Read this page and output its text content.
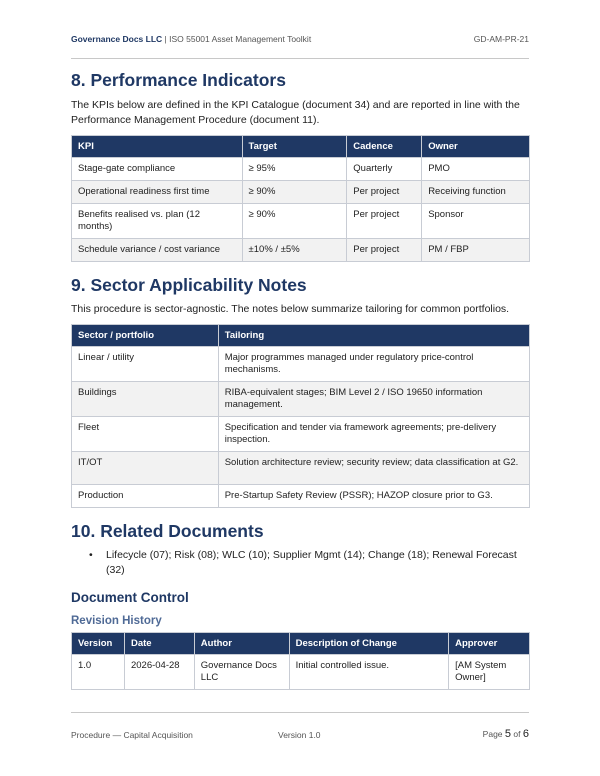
Governance Docs LLC | ISO 55001 Asset Management Toolkit	GD-AM-PR-21
8. Performance Indicators

The KPIs below are defined in the KPI Catalogue (document 34) and are reported in line with the Performance Management Procedure (document 11).

KPI	Target	Cadence	Owner
Stage-gate compliance	≥ 95%	Quarterly	PMO
Operational readiness first time	≥ 90%	Per project	Receiving function
Benefits realised vs. plan (12 months)	≥ 90%	Per project	Sponsor
Schedule variance / cost variance	±10% / ±5%	Per project	PM / FBP
9. Sector Applicability Notes

This procedure is sector-agnostic. The notes below summarize tailoring for common portfolios.

Sector / portfolio	Tailoring
Linear / utility	Major programmes managed under regulatory price-control mechanisms.
Buildings	RIBA-equivalent stages; BIM Level 2 / ISO 19650 information management.
Fleet	Specification and tender via framework agreements; pre-delivery inspection.
IT/OT	Solution architecture review; security review; data classification at G2.
Production	Pre-Startup Safety Review (PSSR); HAZOP closure prior to G3.
10. Related Documents
• Lifecycle (07); Risk (08); WLC (10); Supplier Mgmt (14); Change (18); Renewal Forecast (32)
Document Control
Revision History
Version	Date	Author	Description of Change	Approver
1.0	2026-04-28	Governance Docs LLC	Initial controlled issue.	[AM System Owner]
Procedure — Capital Acquisition	Version 1.0	Page 5 of 6
